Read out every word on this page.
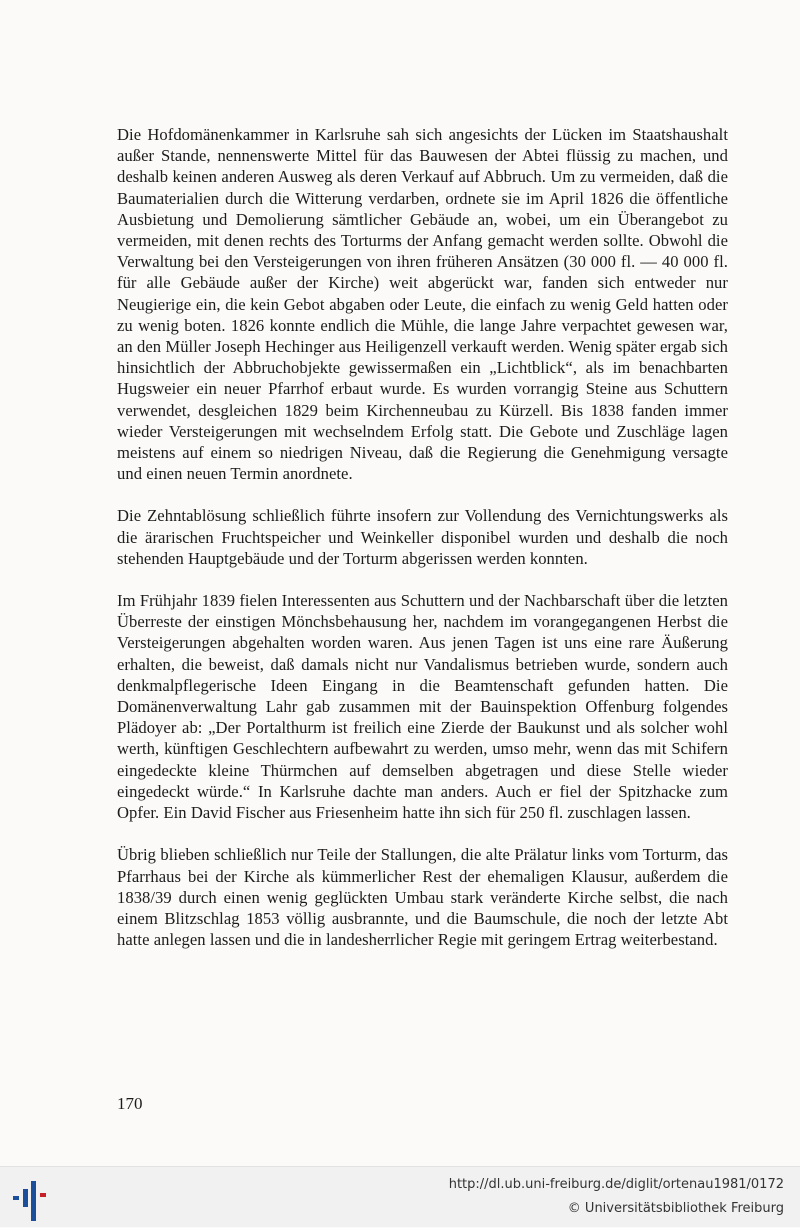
Die Hofdomänenkammer in Karlsruhe sah sich angesichts der Lücken im Staatshaushalt außer Stande, nennenswerte Mittel für das Bauwesen der Abtei flüssig zu machen, und deshalb keinen anderen Ausweg als deren Verkauf auf Abbruch. Um zu vermeiden, daß die Baumaterialien durch die Witterung verdarben, ordnete sie im April 1826 die öffentliche Ausbietung und Demolierung sämtlicher Gebäude an, wobei, um ein Überangebot zu vermeiden, mit denen rechts des Torturms der Anfang gemacht werden sollte. Obwohl die Verwaltung bei den Versteigerungen von ihren früheren Ansätzen (30 000 fl. — 40 000 fl. für alle Gebäude außer der Kirche) weit abgerückt war, fanden sich entweder nur Neugierige ein, die kein Gebot abgaben oder Leute, die einfach zu wenig Geld hatten oder zu wenig boten. 1826 konnte endlich die Mühle, die lange Jahre verpachtet gewesen war, an den Müller Joseph Hechinger aus Heiligenzell verkauft werden. Wenig später ergab sich hinsichtlich der Abbruchobjekte gewissermaßen ein „Lichtblick“, als im benachbarten Hugsweier ein neuer Pfarrhof erbaut wurde. Es wurden vorrangig Steine aus Schuttern verwendet, desgleichen 1829 beim Kirchenneubau zu Kürzell. Bis 1838 fanden immer wieder Versteigerungen mit wechselndem Erfolg statt. Die Gebote und Zuschläge lagen meistens auf einem so niedrigen Niveau, daß die Regierung die Genehmigung versagte und einen neuen Termin anordnete.

Die Zehntablösung schließlich führte insofern zur Vollendung des Vernichtungswerks als die ärarischen Fruchtspeicher und Weinkeller disponibel wurden und deshalb die noch stehenden Hauptgebäude und der Torturm abgerissen werden konnten.

Im Frühjahr 1839 fielen Interessenten aus Schuttern und der Nachbarschaft über die letzten Überreste der einstigen Mönchsbehausung her, nachdem im vorangegangenen Herbst die Versteigerungen abgehalten worden waren. Aus jenen Tagen ist uns eine rare Äußerung erhalten, die beweist, daß damals nicht nur Vandalismus betrieben wurde, sondern auch denkmalpflegerische Ideen Eingang in die Beamtenschaft gefunden hatten. Die Domänenverwaltung Lahr gab zusammen mit der Bauinspektion Offenburg folgendes Plädoyer ab: „Der Portalthurm ist freilich eine Zierde der Baukunst und als solcher wohl werth, künftigen Geschlechtern aufbewahrt zu werden, umso mehr, wenn das mit Schifern eingedeckte kleine Thürmchen auf demselben abgetragen und diese Stelle wieder eingedeckt würde.“ In Karlsruhe dachte man anders. Auch er fiel der Spitzhacke zum Opfer. Ein David Fischer aus Friesenheim hatte ihn sich für 250 fl. zuschlagen lassen.

Übrig blieben schließlich nur Teile der Stallungen, die alte Prälatur links vom Torturm, das Pfarrhaus bei der Kirche als kümmerlicher Rest der ehemaligen Klausur, außerdem die 1838/39 durch einen wenig geglückten Umbau stark veränderte Kirche selbst, die nach einem Blitzschlag 1853 völlig ausbrannte, und die Baumschule, die noch der letzte Abt hatte anlegen lassen und die in landesherrlicher Regie mit geringem Ertrag weiterbestand.

170
http://dl.ub.uni-freiburg.de/diglit/ortenau1981/0172
© Universitätsbibliothek Freiburg
